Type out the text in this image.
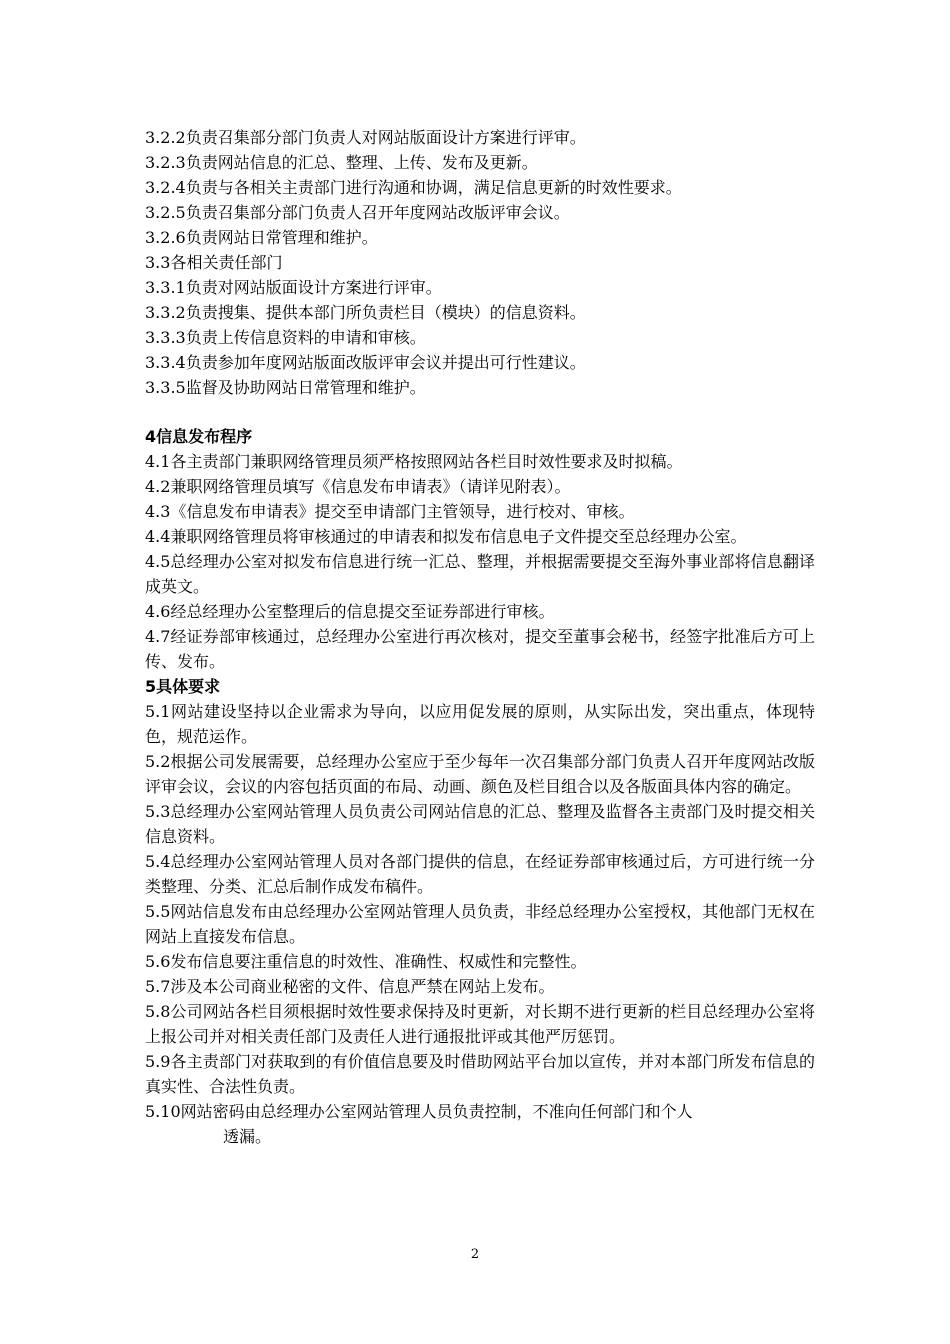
3.2.2负责召集部分部门负责人对网站版面设计方案进行评审。
3.2.3负责网站信息的汇总、整理、上传、发布及更新。
3.2.4负责与各相关主责部门进行沟通和协调，满足信息更新的时效性要求。
3.2.5负责召集部分部门负责人召开年度网站改版评审会议。
3.2.6负责网站日常管理和维护。
3.3各相关责任部门
3.3.1负责对网站版面设计方案进行评审。
3.3.2负责搜集、提供本部门所负责栏目（模块）的信息资料。
3.3.3负责上传信息资料的申请和审核。
3.3.4负责参加年度网站版面改版评审会议并提出可行性建议。
3.3.5监督及协助网站日常管理和维护。
4信息发布程序
4.1各主责部门兼职网络管理员须严格按照网站各栏目时效性要求及时拟稿。
4.2兼职网络管理员填写《信息发布申请表》（请详见附表）。
4.3《信息发布申请表》提交至申请部门主管领导，进行校对、审核。
4.4兼职网络管理员将审核通过的申请表和拟发布信息电子文件提交至总经理办公室。
4.5总经理办公室对拟发布信息进行统一汇总、整理，并根据需要提交至海外事业部将信息翻译成英文。
4.6经总经理办公室整理后的信息提交至证券部进行审核。
4.7经证券部审核通过，总经理办公室进行再次核对，提交至董事会秘书，经签字批准后方可上传、发布。
5具体要求
5.1网站建设坚持以企业需求为导向，以应用促发展的原则，从实际出发，突出重点，体现特色，规范运作。
5.2根据公司发展需要，总经理办公室应于至少每年一次召集部分部门负责人召开年度网站改版评审会议，会议的内容包括页面的布局、动画、颜色及栏目组合以及各版面具体内容的确定。
5.3总经理办公室网站管理人员负责公司网站信息的汇总、整理及监督各主责部门及时提交相关信息资料。
5.4总经理办公室网站管理人员对各部门提供的信息，在经证券部审核通过后，方可进行统一分类整理、分类、汇总后制作成发布稿件。
5.5网站信息发布由总经理办公室网站管理人员负责，非经总经理办公室授权，其他部门无权在网站上直接发布信息。
5.6发布信息要注重信息的时效性、准确性、权威性和完整性。
5.7涉及本公司商业秘密的文件、信息严禁在网站上发布。
5.8公司网站各栏目须根据时效性要求保持及时更新，对长期不进行更新的栏目总经理办公室将上报公司并对相关责任部门及责任人进行通报批评或其他严厉惩罚。
5.9各主责部门对获取到的有价值信息要及时借助网站平台加以宣传，并对本部门所发布信息的真实性、合法性负责。
5.10网站密码由总经理办公室网站管理人员负责控制，不准向任何部门和个人
透漏。
2
